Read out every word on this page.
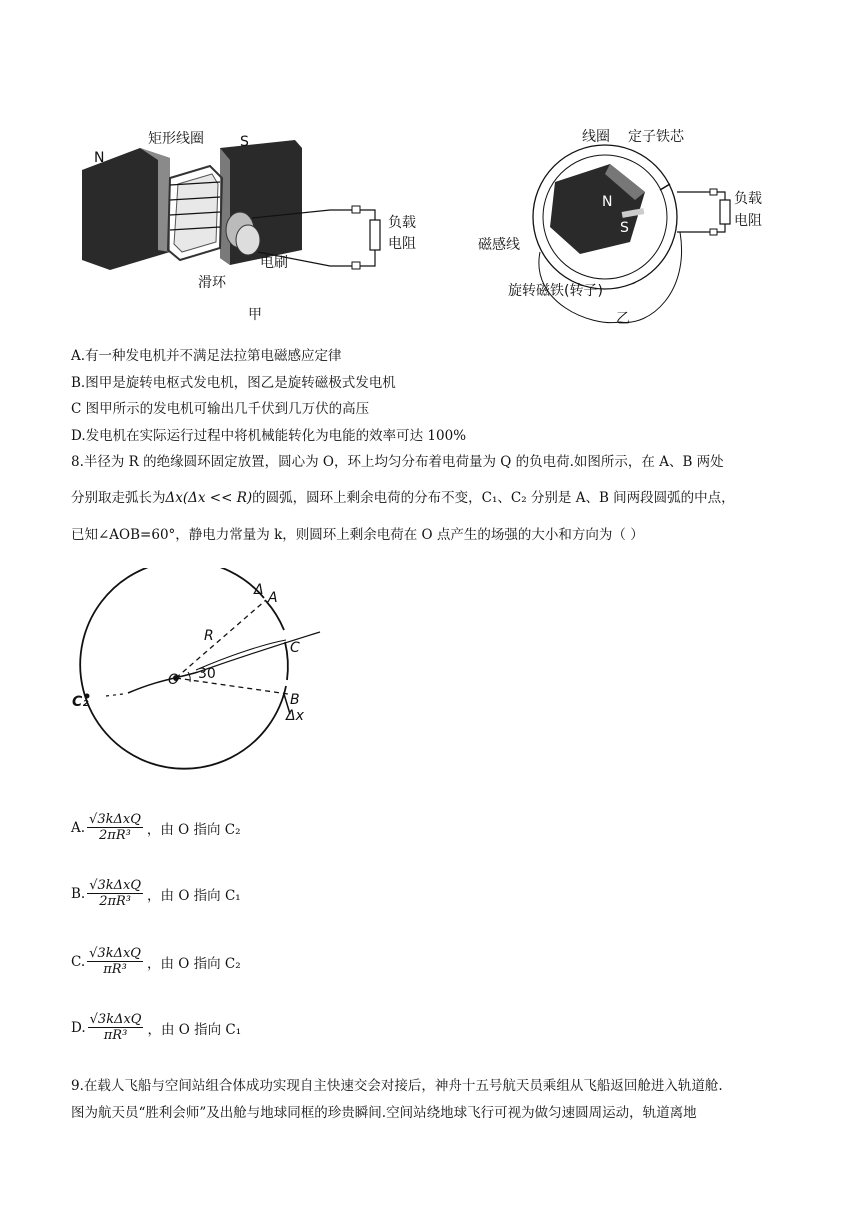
N
矩形线圈	S
负载
电阻
电刷
滑环
甲
线圈 定子铁芯
N
S
负载
电阻
磁感线
旋转磁铁(转子)
乙
A.有一种发电机并不满足法拉第电磁感应定律
B.图甲是旋转电枢式发电机，图乙是旋转磁极式发电机
C 图甲所示的发电机可输出几千伏到几万伏的高压
D.发电机在实际运行过程中将机械能转化为电能的效率可达 100%
8.半径为 R 的绝缘圆环固定放置，圆心为 O，环上均匀分布着电荷量为 Q 的负电荷.如图所示，在 A、B 两处
分别取走弧长为Δx(Δx << R)的圆弧，圆环上剩余电荷的分布不变，C₁、C₂ 分别是 A、B 间两段圆弧的中点，
已知∠AOB=60°，静电力常量为 k，则圆环上剩余电荷在 O 点产生的场强的大小和方向为（ ）
Δ A
R
C
O 30
B
Δx
C₂
A. $\frac{\text{√3kΔxQ}}{\text{2πR³}}$ ，由 O 指向 C₂
B. $\frac{\text{√3kΔxQ}}{\text{2πR³}}$ ，由 O 指向 C₁
C. $\frac{\text{√3kΔxQ}}{\text{πR³}}$ ，由 O 指向 C₂
D. $\frac{\text{√3kΔxQ}}{\text{πR³}}$ ，由 O 指向 C₁
9.在载人飞船与空间站组合体成功实现自主快速交会对接后，神舟十五号航天员乘组从飞船返回舱进入轨道舱.
图为航天员“胜利会师”及出舱与地球同框的珍贵瞬间.空间站绕地球飞行可视为做匀速圆周运动，轨道离地
